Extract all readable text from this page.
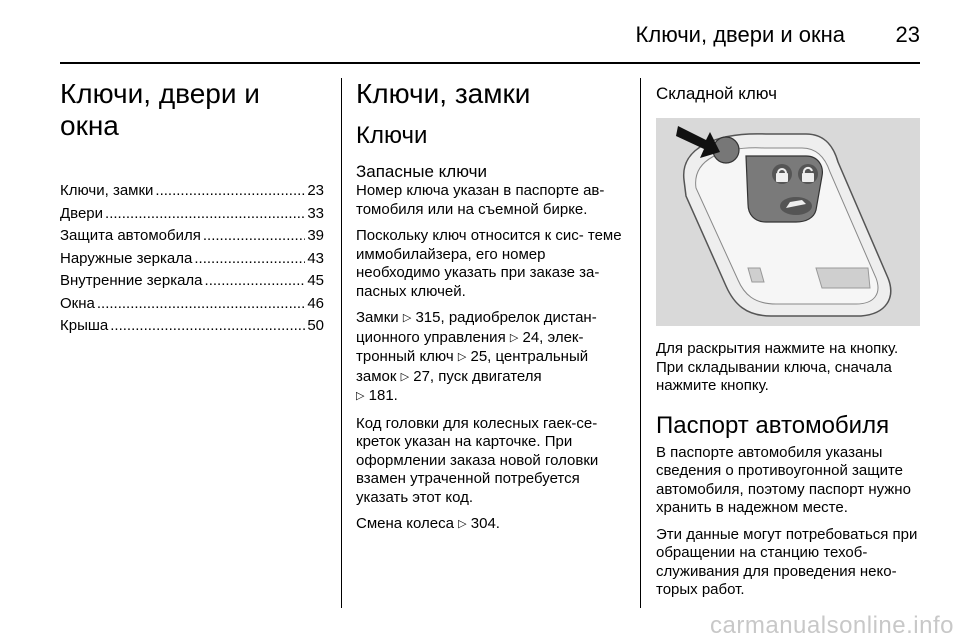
Ключи, двери и окна 23
Ключи, двери и окна
Ключи, замки .....	23
Двери .....	33
Защита автомобиля .....	39
Наружные зеркала .....	43
Внутренние зеркала .....	45
Окна .....	46
Крыша .....	50
Ключи, замки
Ключи
Запасные ключи

Номер ключа указан в паспорте ав- томобиля или на съемной бирке.

Поскольку ключ относится к сис- теме иммобилайзера, его номер необходимо указать при заказе за- пасных ключей.

Замки ▷ 315, радиобрелок дистан- ционного управления ▷ 24, элек- тронный ключ ▷ 25, центральный замок ▷ 27, пуск двигателя
▷ 181.

Код головки для колесных гаек-се- креток указан на карточке. При оформлении заказа новой головки взамен утраченной потребуется указать этот код.

Смена колеса ▷ 304.

Складной ключ

Для раскрытия нажмите на кнопку. При складывании ключа, сначала нажмите кнопку.

Паспорт автомобиля

В паспорте автомобиля указаны сведения о противоугонной защите автомобиля, поэтому паспорт нужно хранить в надежном месте.

Эти данные могут потребоваться при обращении на станцию техоб- служивания для проведения неко- торых работ.

carmanualsonline.info
